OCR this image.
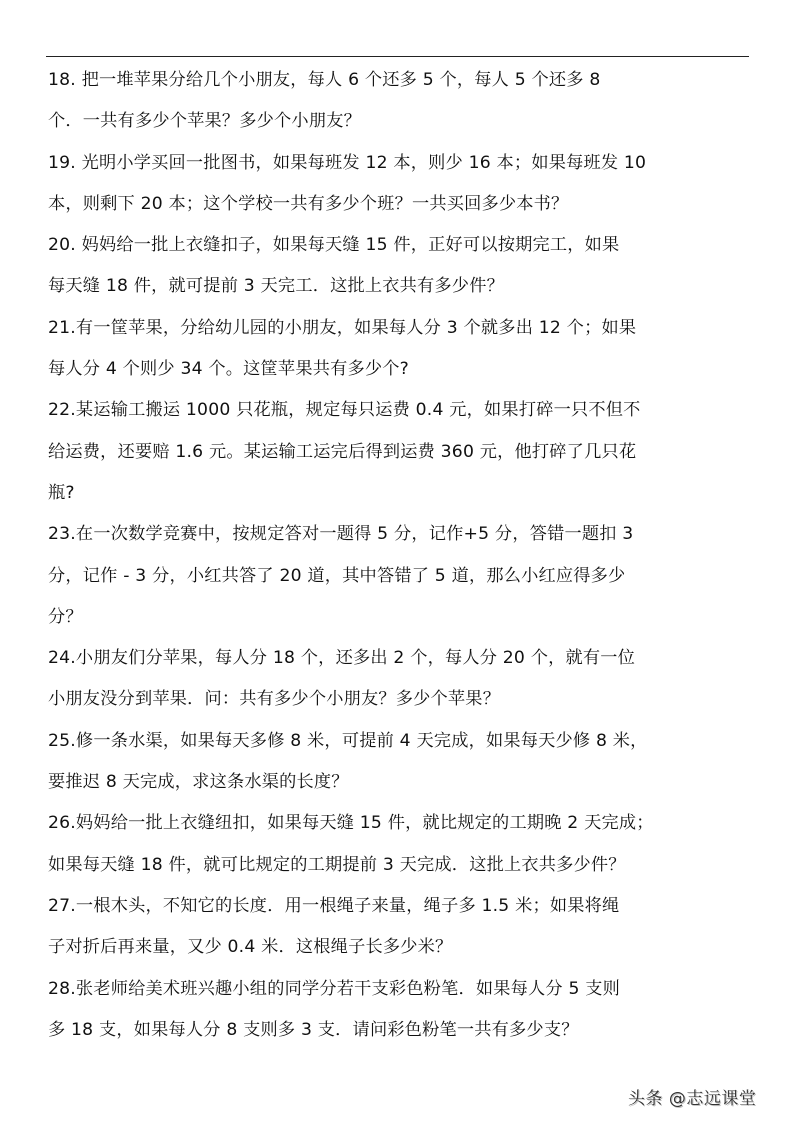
18. 把一堆苹果分给几个小朋友，每人 6 个还多 5 个，每人 5 个还多 8
个．一共有多少个苹果？多少个小朋友？
19. 光明小学买回一批图书，如果每班发 12 本，则少 16 本；如果每班发 10
本，则剩下 20 本；这个学校一共有多少个班？一共买回多少本书？
20. 妈妈给一批上衣缝扣子，如果每天缝 15 件，正好可以按期完工，如果
每天缝 18 件，就可提前 3 天完工．这批上衣共有多少件？
21.有一筐苹果，分给幼儿园的小朋友，如果每人分 3 个就多出 12 个；如果
每人分 4 个则少 34 个。这筐苹果共有多少个?
22.某运输工搬运 1000 只花瓶，规定每只运费 0.4 元，如果打碎一只不但不
给运费，还要赔 1.6 元。某运输工运完后得到运费 360 元，他打碎了几只花
瓶?
23.在一次数学竞赛中，按规定答对一题得 5 分，记作+5 分，答错一题扣 3
分，记作 - 3 分，小红共答了 20 道，其中答错了 5 道，那么小红应得多少
分？
24.小朋友们分苹果，每人分 18 个，还多出 2 个，每人分 20 个，就有一位
小朋友没分到苹果．问：共有多少个小朋友？多少个苹果？
25.修一条水渠，如果每天多修 8 米，可提前 4 天完成，如果每天少修 8 米，
要推迟 8 天完成，求这条水渠的长度？
26.妈妈给一批上衣缝纽扣，如果每天缝 15 件，就比规定的工期晚 2 天完成；
如果每天缝 18 件，就可比规定的工期提前 3 天完成．这批上衣共多少件？
27.一根木头，不知它的长度．用一根绳子来量，绳子多 1.5 米；如果将绳
子对折后再来量，又少 0.4 米．这根绳子长多少米？
28.张老师给美术班兴趣小组的同学分若干支彩色粉笔．如果每人分 5 支则
多 18 支，如果每人分 8 支则多 3 支．请问彩色粉笔一共有多少支？
头条 @志远课堂
